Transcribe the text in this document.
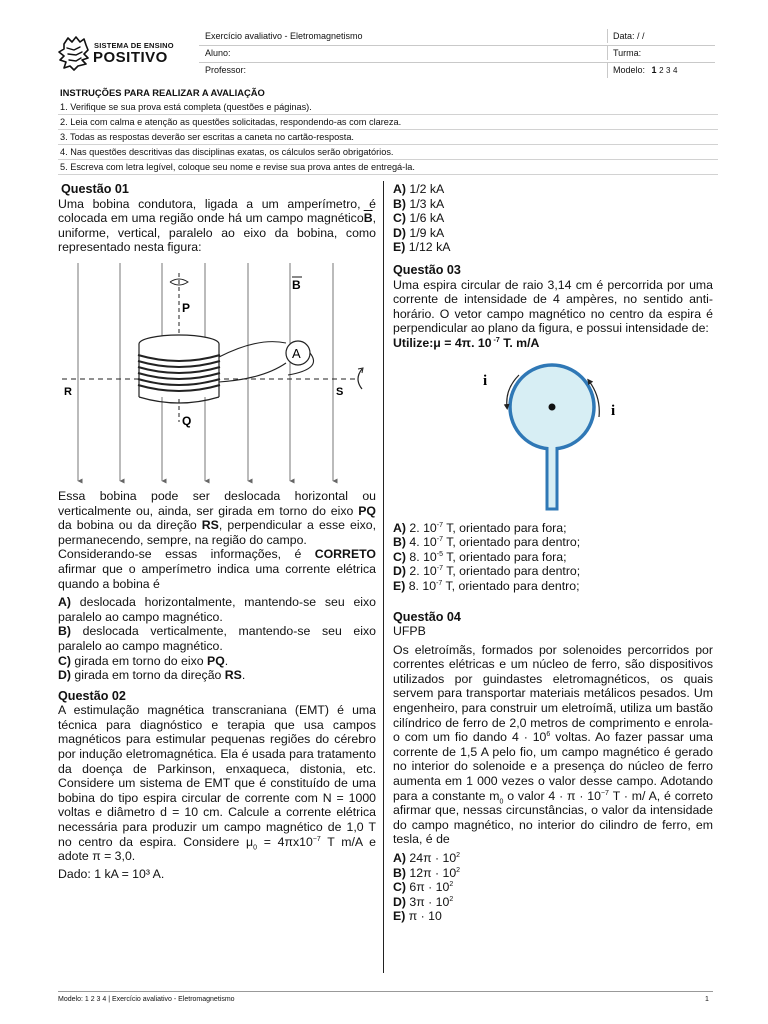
SISTEMA DE ENSINO
POSITIVO
Exercício avaliativo - Eletromagnetismo	Data: / /
Aluno:	Turma:
Professor:	Modelo: 1 2 3 4
INSTRUÇÕES PARA REALIZAR A AVALIAÇÃO
1. Verifique se sua prova está completa (questões e páginas).
2. Leia com calma e atenção as questões solicitadas, respondendo-as com clareza.
3. Todas as respostas deverão ser escritas a caneta no cartão-resposta.
4. Nas questões descritivas das disciplinas exatas, os cálculos serão obrigatórios.
5. Escreva com letra legível, coloque seu nome e revise sua prova antes de entregá-la.
Questão 01
Uma bobina condutora, ligada a um amperímetro, é colocada em uma região onde há um campo $magnético\overline{B}$, uniforme, vertical, paralelo ao eixo da bobina, como representado nesta figura:
B
P
Q
R	S
A
Essa bobina pode ser deslocada horizontal ou verticalmente ou, ainda, ser girada em torno do eixo PQ da bobina ou da direção RS, perpendicular a esse eixo, permanecendo, sempre, na região do campo.
Considerando-se essas informações, é CORRETO afirmar que o amperímetro indica uma corrente elétrica quando a bobina é
A) deslocada horizontalmente, mantendo-se seu eixo paralelo ao campo magnético.
B) deslocada verticalmente, mantendo-se seu eixo paralelo ao campo magnético.
C) girada em torno do eixo PQ.
D) girada em torno da direção RS.
Questão 02
A estimulação magnética transcraniana (EMT) é uma técnica para diagnóstico e terapia que usa campos magnéticos para estimular pequenas regiões do cérebro por indução eletromagnética. Ela é usada para tratamento da doença de Parkinson, enxaqueca, distonia, etc. Considere um sistema de EMT que é constituído de uma bobina do tipo espira circular de corrente com N = 1000 voltas e diâmetro d = 10 cm. Calcule a corrente elétrica necessária para produzir um campo magnético de 1,0 T no centro da espira. Considere $\mu_0 = 4\pi x10^{-7}$ T m/A e adote π = 3,0.
Dado: 1 kA = 10³ A.
A) 1/2 kA
B) 1/3 kA
C) 1/6 kA
D) 1/9 kA
E) 1/12 kA
Questão 03
Uma espira circular de raio 3,14 cm é percorrida por uma corrente de intensidade de 4 ampères, no sentido anti-horário. O vetor campo magnético no centro da espira é perpendicular ao plano da figura, e possui intensidade de:
Utilize:μ = 4π. 10 $^{-7}$ T. m/A
i
i
A) 2. $10^{-7}$ T, orientado para fora;
B) 4. $10^{-7}$ T, orientado para dentro;
C) 8. $10^{-5}$ T, orientado para fora;
D) 2. $10^{-7}$ T, orientado para dentro;
E) 8. $10^{-7}$ T, orientado para dentro;
Questão 04
UFPB
Os eletroímãs, formados por solenoides percorridos por correntes elétricas e um núcleo de ferro, são dispositivos utilizados por guindastes eletromagnéticos, os quais servem para transportar materiais metálicos pesados. Um engenheiro, para construir um eletroímã, utiliza um bastão cilíndrico de ferro de 2,0 metros de comprimento e enrola-o com um fio dando $4 \cdot 10^6$ voltas. Ao fazer passar uma corrente de 1,5 A pelo fio, um campo magnético é gerado no interior do solenoide e a presença do núcleo de ferro aumenta em 1 000 vezes o valor desse campo. Adotando para a constante $m_0$ o valor $4 \cdot \pi \cdot 10^{-7}$ T · m/ A, é correto afirmar que, nessas circunstâncias, o valor da intensidade do campo magnético, no interior do cilindro de ferro, em tesla, é de
A) $24\pi \cdot 10^2$
B) $12\pi \cdot 10^2$
C) $6\pi \cdot 10^2$
D) $3\pi \cdot 10^2$
E) π · 10
Modelo: 1 2 3 4 | Exercício avaliativo - Eletromagnetismo	1
